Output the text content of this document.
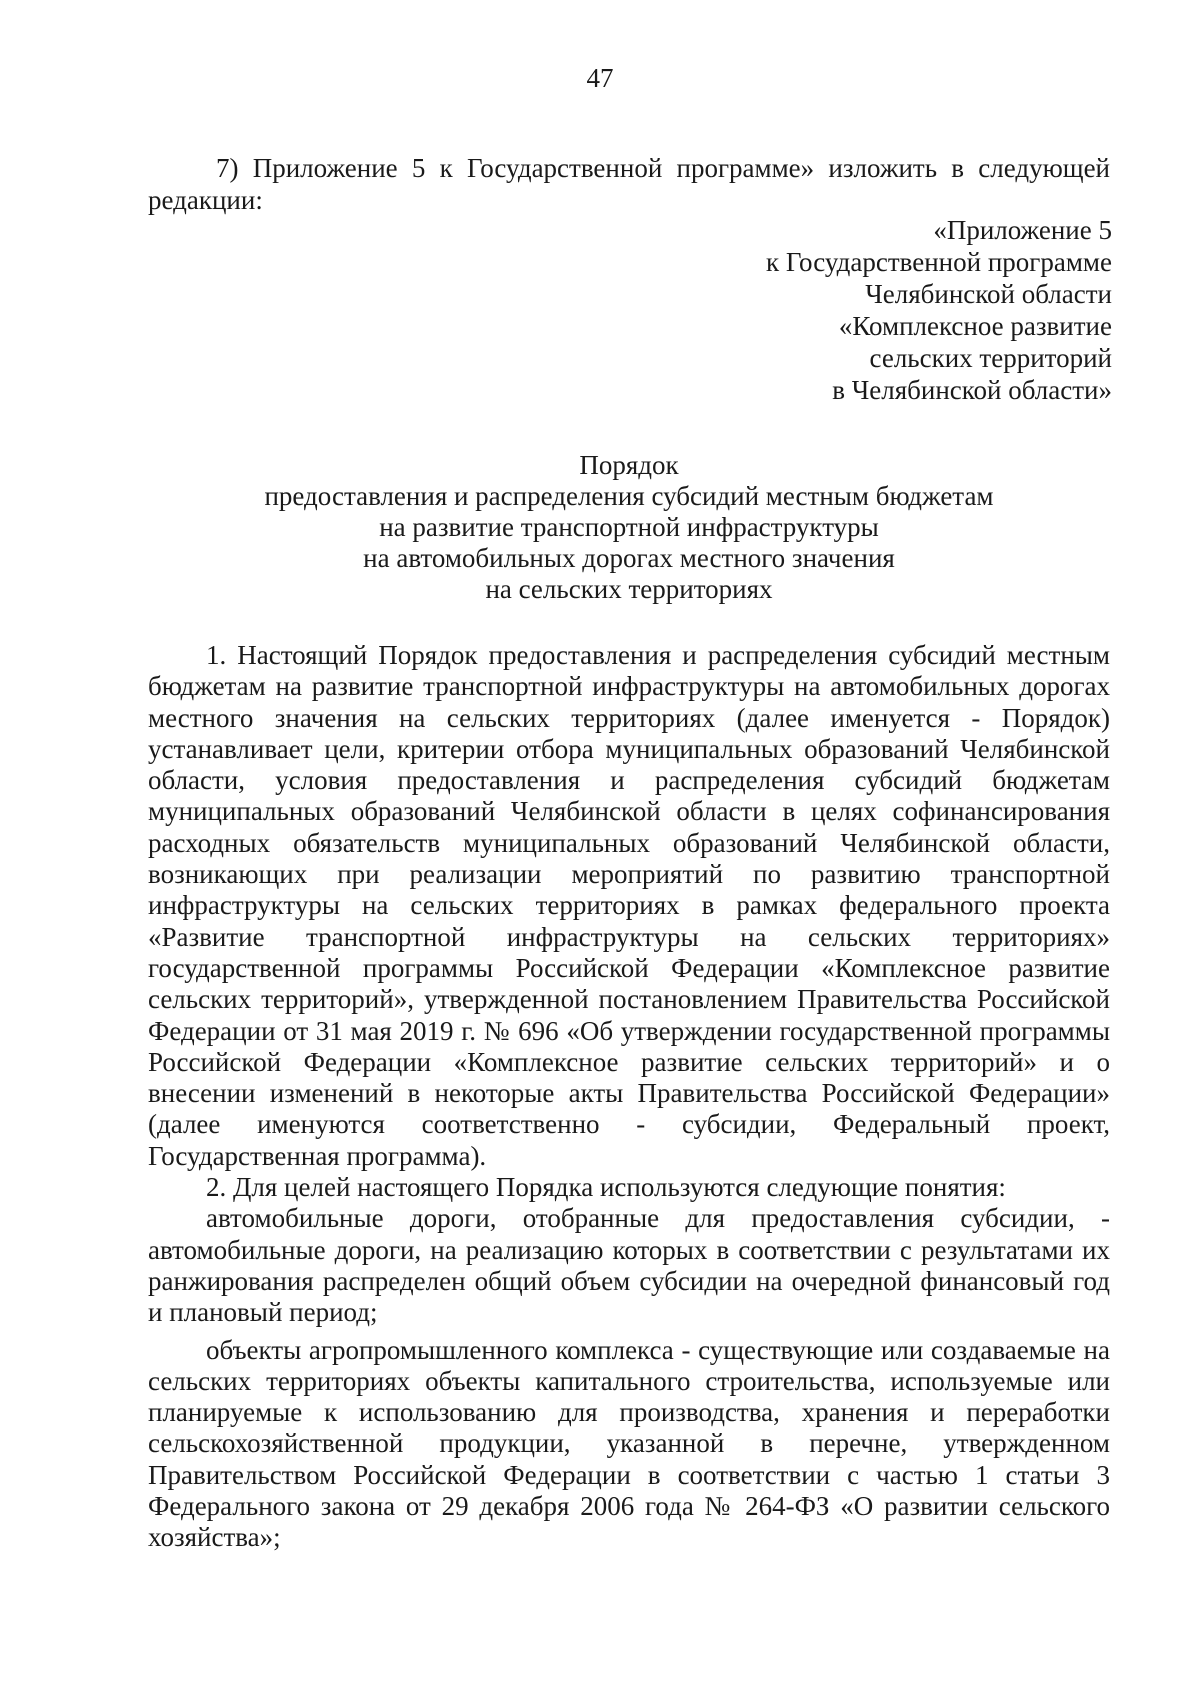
47

7) Приложение 5 к Государственной программе» изложить в следующей редакции:

«Приложение 5
к Государственной программе
Челябинской области
«Комплексное развитие
сельских территорий
в Челябинской области»
Порядок
предоставления и распределения субсидий местным бюджетам
на развитие транспортной инфраструктуры
на автомобильных дорогах местного значения
на сельских территориях

1. Настоящий Порядок предоставления и распределения субсидий местным бюджетам на развитие транспортной инфраструктуры на автомобильных дорогах местного значения на сельских территориях (далее именуется - Порядок) устанавливает цели, критерии отбора муниципальных образований Челябинской области, условия предоставления и распределения субсидий бюджетам муниципальных образований Челябинской области в целях софинансирования расходных обязательств муниципальных образований Челябинской области, возникающих при реализации мероприятий по развитию транспортной инфраструктуры на сельских территориях в рамках федерального проекта «Развитие транспортной инфраструктуры на сельских территориях» государственной программы Российской Федерации «Комплексное развитие сельских территорий», утвержденной постановлением Правительства Российской Федерации от 31 мая 2019 г. № 696 «Об утверждении государственной программы Российской Федерации «Комплексное развитие сельских территорий» и о внесении изменений в некоторые акты Правительства Российской Федерации» (далее именуются соответственно - субсидии, Федеральный проект, Государственная программа).

2. Для целей настоящего Порядка используются следующие понятия:

автомобильные дороги, отобранные для предоставления субсидии, - автомобильные дороги, на реализацию которых в соответствии с результатами их ранжирования распределен общий объем субсидии на очередной финансовый год и плановый период;

объекты агропромышленного комплекса - существующие или создаваемые на сельских территориях объекты капитального строительства, используемые или планируемые к использованию для производства, хранения и переработки сельскохозяйственной продукции, указанной в перечне, утвержденном Правительством Российской Федерации в соответствии с частью 1 статьи 3 Федерального закона от 29 декабря 2006 года № 264-ФЗ «О развитии сельского хозяйства»;
